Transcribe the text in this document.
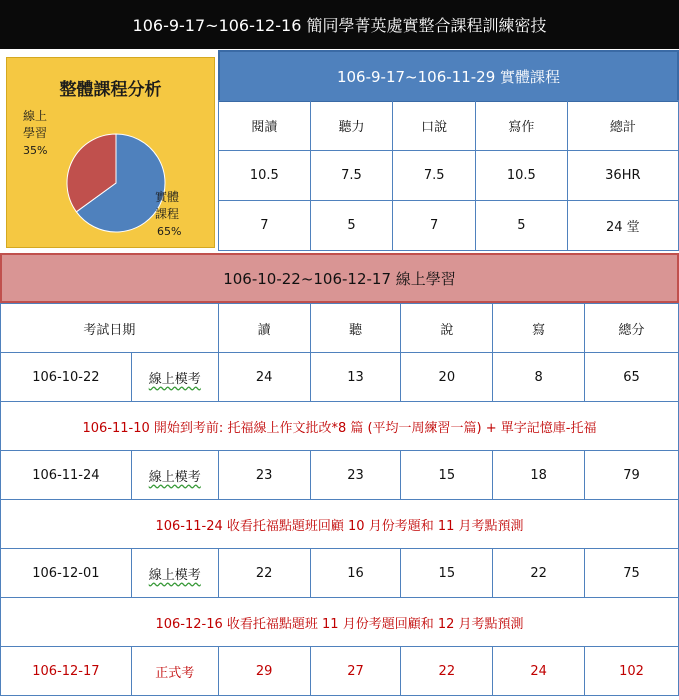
106-9-17~106-12-16 簡同學菁英處實整合課程訓練密技
整體課程分析
線上
學習
35%
實體
課程
65%
106-9-17~106-11-29 實體課程
閱讀	聽力	口說	寫作	總計
10.5	7.5	7.5	10.5	36HR
7	5	7	5	24 堂
106-10-22~106-12-17 線上學習
考試日期		讀	聽	說	寫	總分
106-10-22	線上模考	24	13	20	8	65
106-11-10 開始到考前: 托福線上作文批改*8 篇 (平均一周練習一篇) + 單字記憶庫-托福						
106-11-24	線上模考	23	23	15	18	79
106-11-24 收看托福點題班回顧 10 月份考題和 11 月考點預測						
106-12-01	線上模考	22	16	15	22	75
106-12-16 收看托福點題班 11 月份考題回顧和 12 月考點預測						
106-12-17	正式考	29	27	22	24	102
